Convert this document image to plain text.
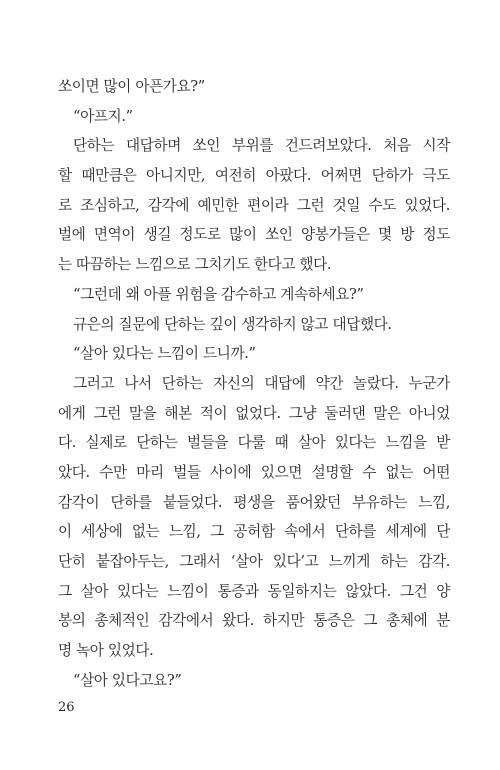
쏘이면 많이 아픈가요?”
“아프지.”
단하는 대답하며 쏘인 부위를 건드려보았다. 처음 시작
할 때만큼은 아니지만, 여전히 아팠다. 어쩌면 단하가 극도
로 조심하고, 감각에 예민한 편이라 그런 것일 수도 있었다.
벌에 면역이 생길 정도로 많이 쏘인 양봉가들은 몇 방 정도
는 따끔하는 느낌으로 그치기도 한다고 했다.
“그런데 왜 아플 위험을 감수하고 계속하세요?”
규은의 질문에 단하는 깊이 생각하지 않고 대답했다.
“살아 있다는 느낌이 드니까.”
그러고 나서 단하는 자신의 대답에 약간 놀랐다. 누군가
에게 그런 말을 해본 적이 없었다. 그냥 둘러댄 말은 아니었
다. 실제로 단하는 벌들을 다룰 때 살아 있다는 느낌을 받
았다. 수만 마리 벌들 사이에 있으면 설명할 수 없는 어떤
감각이 단하를 붙들었다. 평생을 품어왔던 부유하는 느낌,
이 세상에 없는 느낌, 그 공허함 속에서 단하를 세계에 단
단히 붙잡아두는, 그래서 ‘살아 있다’고 느끼게 하는 감각.
그 살아 있다는 느낌이 통증과 동일하지는 않았다. 그건 양
봉의 총체적인 감각에서 왔다. 하지만 통증은 그 총체에 분
명 녹아 있었다.
“살아 있다고요?”
26
